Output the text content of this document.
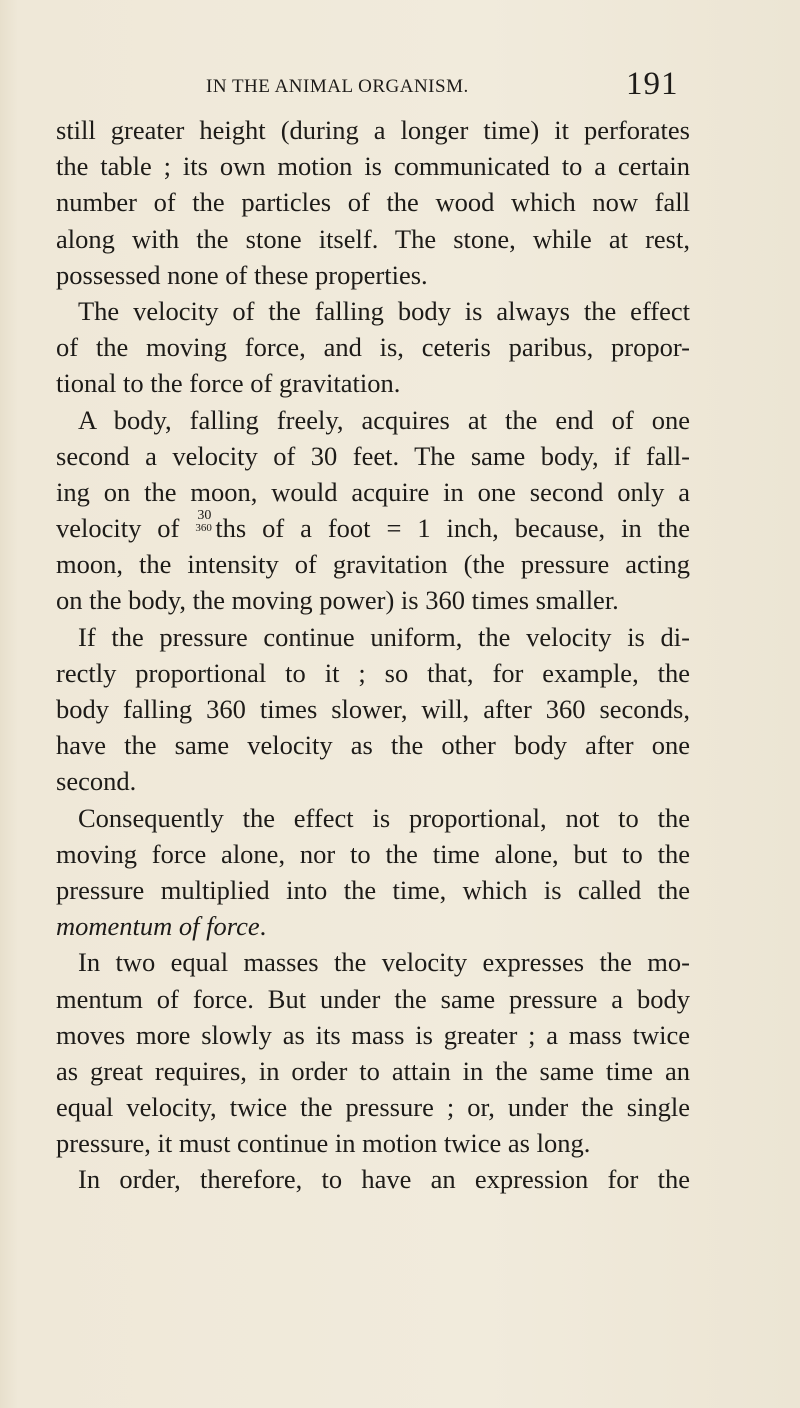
IN THE ANIMAL ORGANISM.	191
still greater height (during a longer time) it perforates
the table ; its own motion is communicated to a certain
number of the particles of the wood which now fall
along with the stone itself. The stone, while at rest,
possessed none of these properties.
The velocity of the falling body is always the effect
of the moving force, and is, ceteris paribus, propor-
tional to the force of gravitation.
A body, falling freely, acquires at the end of one
second a velocity of 30 feet. The same body, if fall-
ing on the moon, would acquire in one second only a
velocity of 30
360 ths of a foot = 1 inch, because, in the
moon, the intensity of gravitation (the pressure acting
on the body, the moving power) is 360 times smaller.
If the pressure continue uniform, the velocity is di-
rectly proportional to it ; so that, for example, the
body falling 360 times slower, will, after 360 seconds,
have the same velocity as the other body after one
second.
Consequently the effect is proportional, not to the
moving force alone, nor to the time alone, but to the
pressure multiplied into the time, which is called the
momentum of force.
In two equal masses the velocity expresses the mo-
mentum of force. But under the same pressure a body
moves more slowly as its mass is greater ; a mass twice
as great requires, in order to attain in the same time an
equal velocity, twice the pressure ; or, under the single
pressure, it must continue in motion twice as long.
In order, therefore, to have an expression for the
